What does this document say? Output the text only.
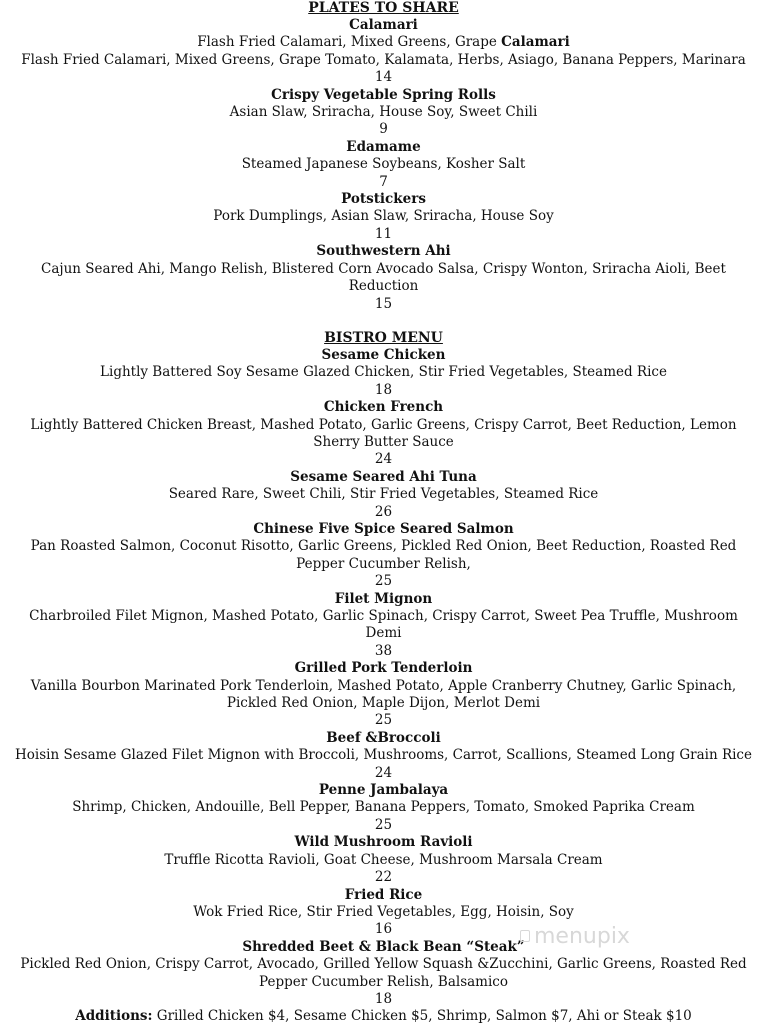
PLATES TO SHARE

Calamari

Flash Fried Calamari, Mixed Greens, Grape Calamari

Flash Fried Calamari, Mixed Greens, Grape Tomato, Kalamata, Herbs, Asiago, Banana Peppers, Marinara

14

Crispy Vegetable Spring Rolls

Asian Slaw, Sriracha, House Soy, Sweet Chili

9

Edamame

Steamed Japanese Soybeans, Kosher Salt

7

Potstickers

Pork Dumplings, Asian Slaw, Sriracha, House Soy

11

Southwestern Ahi

Cajun Seared Ahi, Mango Relish, Blistered Corn Avocado Salsa, Crispy Wonton, Sriracha Aioli, Beet Reduction

15

BISTRO MENU

Sesame Chicken

Lightly Battered Soy Sesame Glazed Chicken, Stir Fried Vegetables, Steamed Rice

18

Chicken French

Lightly Battered Chicken Breast, Mashed Potato, Garlic Greens, Crispy Carrot, Beet Reduction, Lemon Sherry Butter Sauce

24

Sesame Seared Ahi Tuna

Seared Rare, Sweet Chili, Stir Fried Vegetables, Steamed Rice

26

Chinese Five Spice Seared Salmon

Pan Roasted Salmon, Coconut Risotto, Garlic Greens, Pickled Red Onion, Beet Reduction, Roasted Red Pepper Cucumber Relish,

25

Filet Mignon

Charbroiled Filet Mignon, Mashed Potato, Garlic Spinach, Crispy Carrot, Sweet Pea Truffle, Mushroom Demi

38

Grilled Pork Tenderloin

Vanilla Bourbon Marinated Pork Tenderloin, Mashed Potato, Apple Cranberry Chutney, Garlic Spinach, Pickled Red Onion, Maple Dijon, Merlot Demi

25

Beef &Broccoli

Hoisin Sesame Glazed Filet Mignon with Broccoli, Mushrooms, Carrot, Scallions, Steamed Long Grain Rice

24

Penne Jambalaya

Shrimp, Chicken, Andouille, Bell Pepper, Banana Peppers, Tomato, Smoked Paprika Cream

25

Wild Mushroom Ravioli

Truffle Ricotta Ravioli, Goat Cheese, Mushroom Marsala Cream

22

Fried Rice

Wok Fried Rice, Stir Fried Vegetables, Egg, Hoisin, Soy

16

Shredded Beet & Black Bean “Steak”

Pickled Red Onion, Crispy Carrot, Avocado, Grilled Yellow Squash &Zucchini, Garlic Greens, Roasted Red Pepper Cucumber Relish, Balsamico

18

Additions: Grilled Chicken $4, Sesame Chicken $5, Shrimp, Salmon $7, Ahi or Steak $10

menupix
